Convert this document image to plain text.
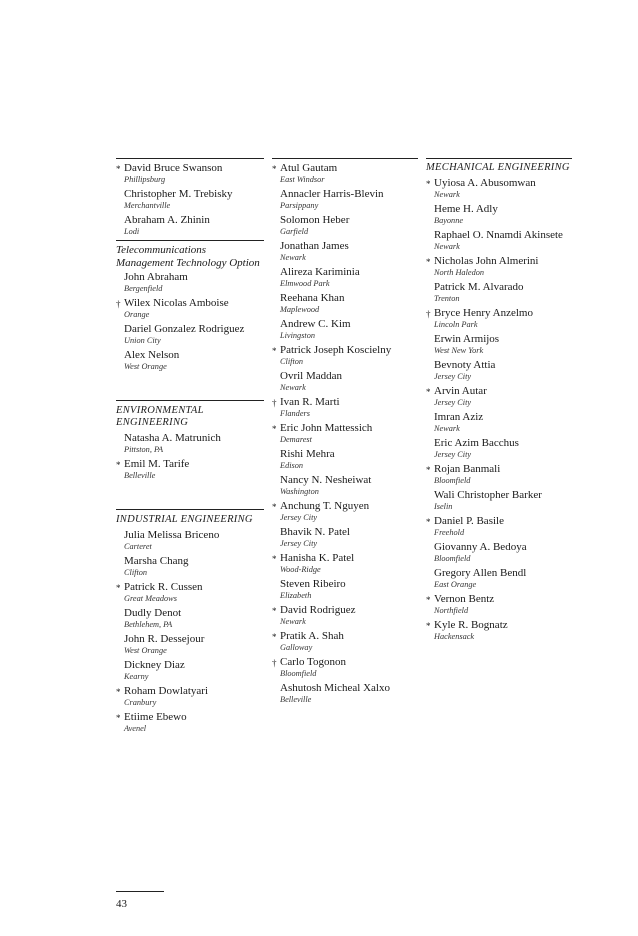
* David Bruce Swanson
Phillipsburg
Christopher M. Trebisky
Merchantville
Abraham A. Zhinin
Lodi
Telecommunications Management Technology Option
John Abraham
Bergenfield
† Wilex Nicolas Amboise
Orange
Dariel Gonzalez Rodriguez
Union City
Alex Nelson
West Orange
ENVIRONMENTAL ENGINEERING
Natasha A. Matrunich
Pittston, PA
* Emil M. Tarife
Belleville
INDUSTRIAL ENGINEERING
Julia Melissa Briceno
Carteret
Marsha Chang
Clifton
* Patrick R. Cussen
Great Meadows
Dudly Denot
Bethlehem, PA
John R. Dessejour
West Orange
Dickney Diaz
Kearny
* Roham Dowlatyari
Cranbury
* Etiime Ebewo
Avenel
* Atul Gautam
East Windsor
Annacler Harris-Blevin
Parsippany
Solomon Heber
Garfield
Jonathan James
Newark
Alireza Kariminia
Elmwood Park
Reehana Khan
Maplewood
Andrew C. Kim
Livingston
* Patrick Joseph Koscielny
Clifton
Ovril Maddan
Newark
† Ivan R. Marti
Flanders
* Eric John Mattessich
Demarest
Rishi Mehra
Edison
Nancy N. Nesheiwat
Washington
* Anchung T. Nguyen
Jersey City
Bhavik N. Patel
Jersey City
* Hanisha K. Patel
Wood-Ridge
Steven Ribeiro
Elizabeth
* David Rodriguez
Newark
* Pratik A. Shah
Galloway
† Carlo Togonon
Bloomfield
Ashutosh Micheal Xalxo
Belleville
MECHANICAL ENGINEERING
* Uyiosa A. Abusomwan
Newark
Heme H. Adly
Bayonne
Raphael O. Nnamdi Akinsete
Newark
* Nicholas John Almerini
North Haledon
Patrick M. Alvarado
Trenton
† Bryce Henry Anzelmo
Lincoln Park
Erwin Armijos
West New York
Bevnoty Attia
Jersey City
* Arvin Autar
Jersey City
Imran Aziz
Newark
Eric Azim Bacchus
Jersey City
* Rojan Banmali
Bloomfield
Wali Christopher Barker
Iselin
* Daniel P. Basile
Freehold
Giovanny A. Bedoya
Bloomfield
Gregory Allen Bendl
East Orange
* Vernon Bentz
Northfield
* Kyle R. Bognatz
Hackensack
43
